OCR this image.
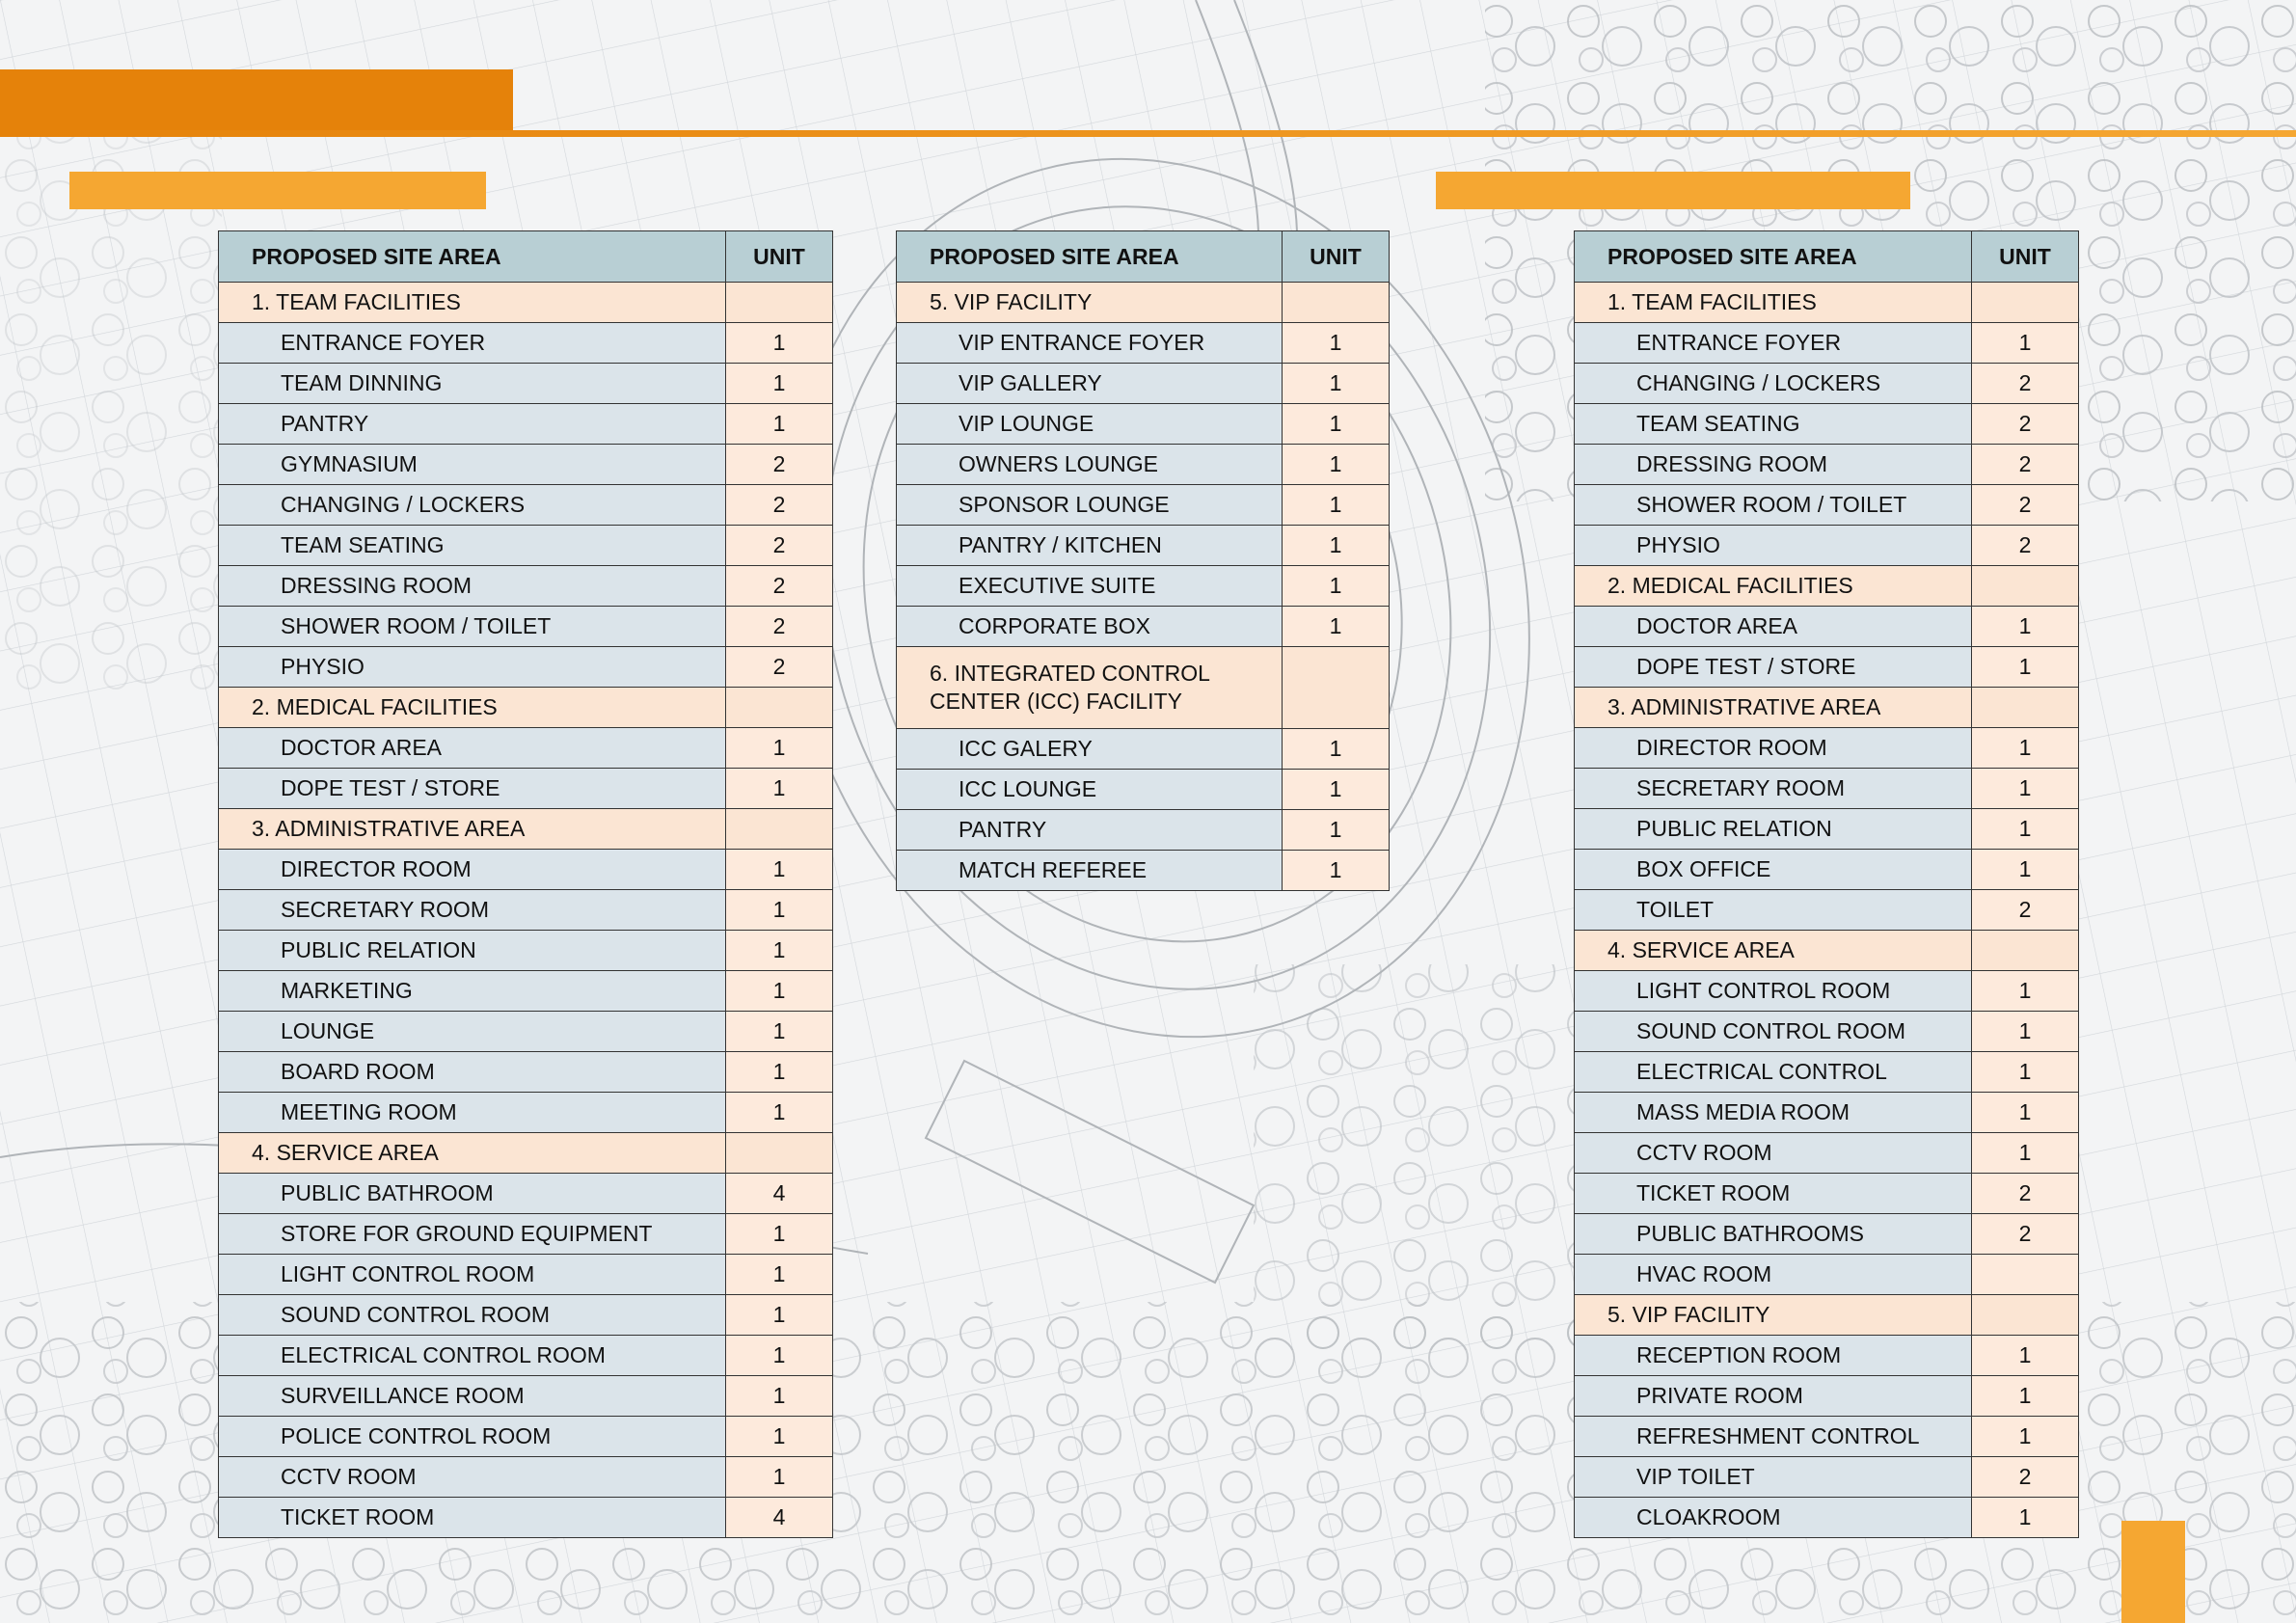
PROPOSED SITE AREA	UNIT
1. TEAM FACILITIES	
ENTRANCE FOYER	1
TEAM DINNING	1
PANTRY	1
GYMNASIUM	2
CHANGING / LOCKERS	2
TEAM SEATING	2
DRESSING ROOM	2
SHOWER ROOM / TOILET	2
PHYSIO	2
2. MEDICAL FACILITIES	
DOCTOR AREA	1
DOPE TEST / STORE	1
3. ADMINISTRATIVE AREA	
DIRECTOR ROOM	1
SECRETARY ROOM	1
PUBLIC RELATION	1
MARKETING	1
LOUNGE	1
BOARD ROOM	1
MEETING ROOM	1
4. SERVICE AREA	
PUBLIC BATHROOM	4
STORE FOR GROUND EQUIPMENT	1
LIGHT CONTROL ROOM	1
SOUND CONTROL ROOM	1
ELECTRICAL CONTROL ROOM	1
SURVEILLANCE ROOM	1
POLICE CONTROL ROOM	1
CCTV ROOM	1
TICKET ROOM	4
PROPOSED SITE AREA	UNIT
5. VIP FACILITY	
VIP ENTRANCE FOYER	1
VIP GALLERY	1
VIP LOUNGE	1
OWNERS LOUNGE	1
SPONSOR LOUNGE	1
PANTRY / KITCHEN	1
EXECUTIVE SUITE	1
CORPORATE BOX	1
6. INTEGRATED CONTROL CENTER (ICC) FACILITY	
ICC GALERY	1
ICC LOUNGE	1
PANTRY	1
MATCH REFEREE	1
PROPOSED SITE AREA	UNIT
1. TEAM FACILITIES	
ENTRANCE FOYER	1
CHANGING / LOCKERS	2
TEAM SEATING	2
DRESSING ROOM	2
SHOWER ROOM / TOILET	2
PHYSIO	2
2. MEDICAL FACILITIES	
DOCTOR AREA	1
DOPE TEST / STORE	1
3. ADMINISTRATIVE AREA	
DIRECTOR ROOM	1
SECRETARY ROOM	1
PUBLIC RELATION	1
BOX OFFICE	1
TOILET	2
4. SERVICE AREA	
LIGHT CONTROL ROOM	1
SOUND CONTROL ROOM	1
ELECTRICAL CONTROL	1
MASS MEDIA ROOM	1
CCTV ROOM	1
TICKET ROOM	2
PUBLIC BATHROOMS	2
HVAC ROOM	
5. VIP FACILITY	
RECEPTION ROOM	1
PRIVATE ROOM	1
REFRESHMENT CONTROL	1
VIP TOILET	2
CLOAKROOM	1
